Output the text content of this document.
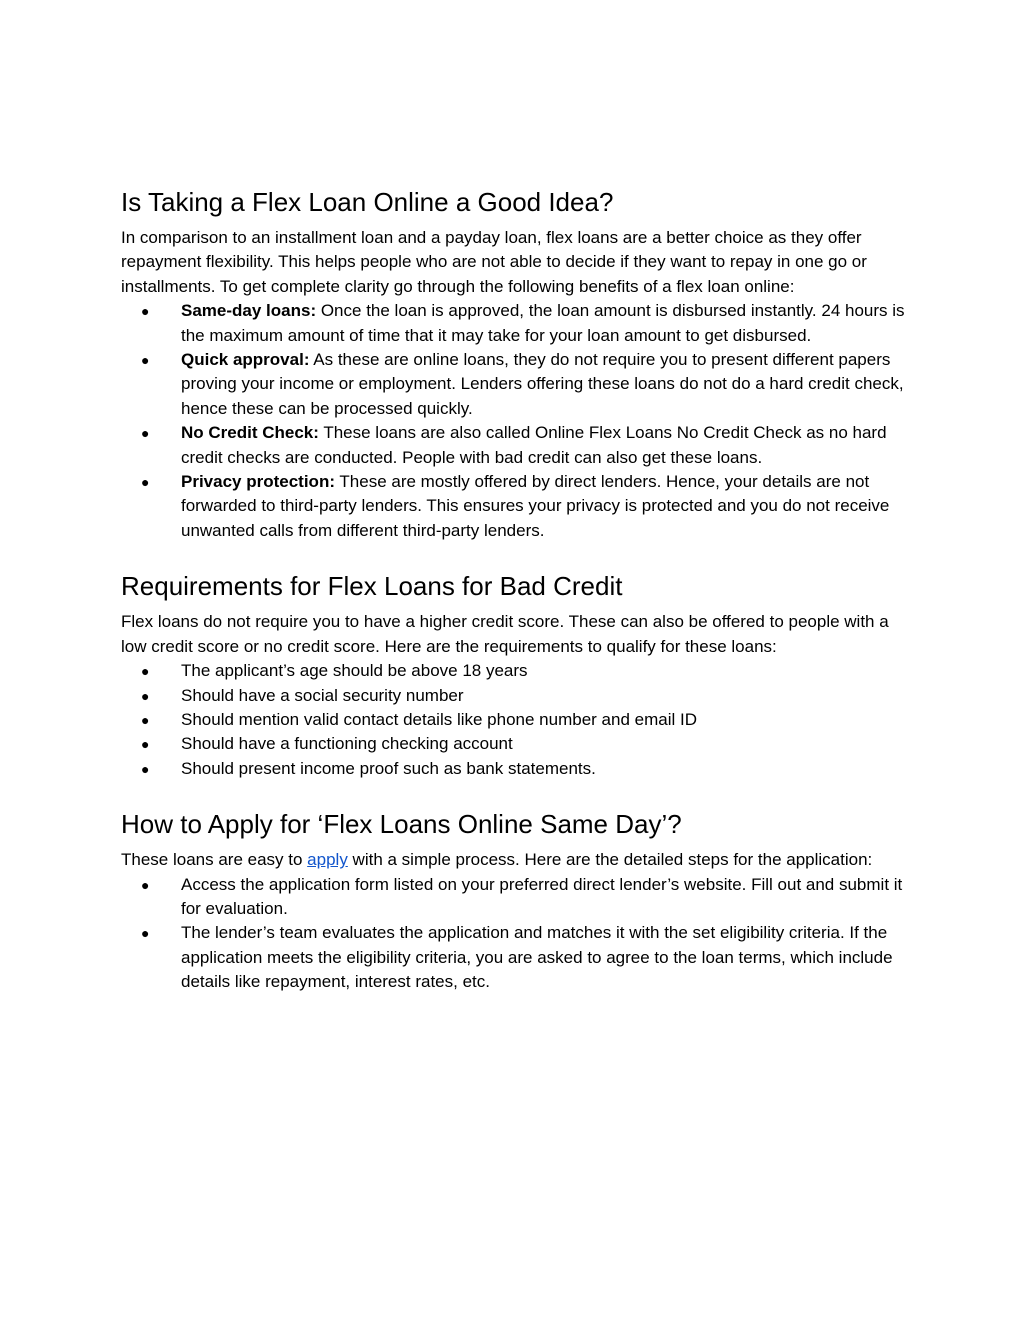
Is Taking a Flex Loan Online a Good Idea?

In comparison to an installment loan and a payday loan, flex loans are a better choice as they offer repayment flexibility. This helps people who are not able to decide if they want to repay in one go or installments. To get complete clarity go through the following benefits of a flex loan online:

● Same-day loans: Once the loan is approved, the loan amount is disbursed instantly. 24 hours is the maximum amount of time that it may take for your loan amount to get disbursed.
● Quick approval: As these are online loans, they do not require you to present different papers proving your income or employment. Lenders offering these loans do not do a hard credit check, hence these can be processed quickly.
● No Credit Check: These loans are also called Online Flex Loans No Credit Check as no hard credit checks are conducted. People with bad credit can also get these loans.
● Privacy protection: These are mostly offered by direct lenders. Hence, your details are not forwarded to third-party lenders. This ensures your privacy is protected and you do not receive unwanted calls from different third-party lenders.
Requirements for Flex Loans for Bad Credit

Flex loans do not require you to have a higher credit score. These can also be offered to people with a low credit score or no credit score. Here are the requirements to qualify for these loans:

● The applicant’s age should be above 18 years
● Should have a social security number
● Should mention valid contact details like phone number and email ID
● Should have a functioning checking account
● Should present income proof such as bank statements.
How to Apply for ‘Flex Loans Online Same Day’?

These loans are easy to apply with a simple process. Here are the detailed steps for the application:

● Access the application form listed on your preferred direct lender’s website. Fill out and submit it for evaluation.
● The lender’s team evaluates the application and matches it with the set eligibility criteria. If the application meets the eligibility criteria, you are asked to agree to the loan terms, which include details like repayment, interest rates, etc.
